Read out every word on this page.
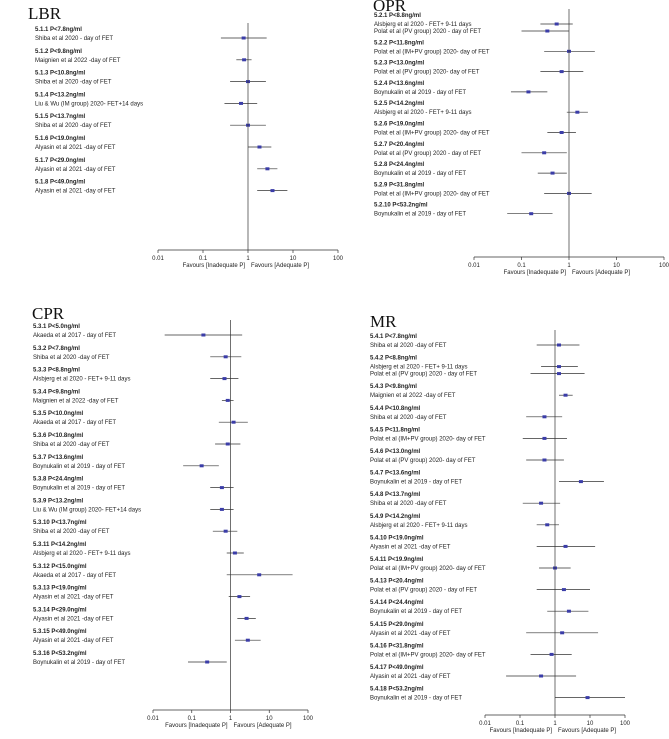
LBR
5.1.1 P<7.8ng/ml
Shiba et al 2020 - day of FET
5.1.2 P<9.8ng/ml
Maignien et al 2022 -day of FET
5.1.3 P<10.8ng/ml
Shiba et al 2020 -day of FET
5.1.4 P<13.2ng/ml
Liu & Wu (IM group) 2020- FET+14 days
5.1.5 P<13.7ng/ml
Shiba et al 2020 -day of FET
5.1.6 P<19.0ng/ml
Alyasin et al 2021 -day of FET
5.1.7 P<29.0ng/ml
Alyasin et al 2021 -day of FET
5.1.8 P<49.0ng/ml
Alyasin et al 2021 -day of FET
0.01	0.1	1	10	100
Favours [Inadequate P] Favours [Adequate P]
OPR
5.2.1 P<8.8ng/ml
Alsbjerg et al 2020 - FET+ 9-11 days
Polat et al (PV group) 2020 - day of FET
5.2.2 P<11.8ng/ml
Polat et al (IM+PV group) 2020- day of FET
5.2.3 P<13.0ng/ml
Polat et al (PV group) 2020- day of FET
5.2.4 P<13.6ng/ml
Boynukalin et al 2019 - day of FET
5.2.5 P<14.2ng/ml
Alsbjerg et al 2020 - FET+ 9-11 days
5.2.6 P<19.0ng/ml
Polat et al (IM+PV group) 2020- day of FET
5.2.7 P<20.4ng/ml
Polat et al (PV group) 2020 - day of FET
5.2.8 P<24.4ng/ml
Boynukalin et al 2019 - day of FET
5.2.9 P<31.8ng/ml
Polat et al (IM+PV group) 2020- day of FET
5.2.10 P<53.2ng/ml
Boynukalin et al 2019 - day of FET
0.01	0.1	1	10	100
Favours [Inadequate P] Favours [Adequate P]
CPR
5.3.1 P<5.0ng/ml
Akaeda et al 2017 - day of FET
5.3.2 P<7.8ng/ml
Shiba et al 2020 -day of FET
5.3.3 P<8.8ng/ml
Alsbjerg et al 2020 - FET+ 9-11 days
5.3.4 P<9.8ng/ml
Maignien et al 2022 -day of FET
5.3.5 P<10.0ng/ml
Akaeda et al 2017 - day of FET
5.3.6 P<10.8ng/ml
Shiba et al 2020 -day of FET
5.3.7 P<13.6ng/ml
Boynukalin et al 2019 - day of FET
5.3.8 P<24.4ng/ml
Boynukalin et al 2019 - day of FET
5.3.9 P<13.2ng/ml
Liu & Wu (IM group) 2020- FET+14 days
5.3.10 P<13.7ng/ml
Shiba et al 2020 -day of FET
5.3.11 P<14.2ng/ml
Alsbjerg et al 2020 - FET+ 9-11 days
5.3.12 P<15.0ng/ml
Akaeda et al 2017 - day of FET
5.3.13 P<19.0ng/ml
Alyasin et al 2021 -day of FET
5.3.14 P<29.0ng/ml
Alyasin et al 2021 -day of FET
5.3.15 P<49.0ng/ml
Alyasin et al 2021 -day of FET
5.3.16 P<53.2ng/ml
Boynukalin et al 2019 - day of FET
0.01	0.1	1	10	100
Favours [Inadequate P] Favours [Adequate P]
MR
5.4.1 P<7.8ng/ml
Shiba et al 2020 -day of FET
5.4.2 P<8.8ng/ml
Alsbjerg et al 2020 - FET+ 9-11 days
Polat et al (PV group) 2020 - day of FET
5.4.3 P<9.8ng/ml
Maignien et al 2022 -day of FET
5.4.4 P<10.8ng/ml
Shiba et al 2020 -day of FET
5.4.5 P<11.8ng/ml
Polat et al (IM+PV group) 2020- day of FET
5.4.6 P<13.0ng/ml
Polat et al (PV group) 2020- day of FET
5.4.7 P<13.6ng/ml
Boynukalin et al 2019 - day of FET
5.4.8 P<13.7ng/ml
Shiba et al 2020 -day of FET
5.4.9 P<14.2ng/ml
Alsbjerg et al 2020 - FET+ 9-11 days
5.4.10 P<19.0ng/ml
Alyasin et al 2021 -day of FET
5.4.11 P<19.9ng/ml
Polat et al (IM+PV group) 2020- day of FET
5.4.13 P<20.4ng/ml
Polat et al (PV group) 2020 - day of FET
5.4.14 P<24.4ng/ml
Boynukalin et al 2019 - day of FET
5.4.15 P<29.0ng/ml
Alyasin et al 2021 -day of FET
5.4.16 P<31.8ng/ml
Polat et al (IM+PV group) 2020- day of FET
5.4.17 P<49.0ng/ml
Alyasin et al 2021 -day of FET
5.4.18 P<53.2ng/ml
Boynukalin et al 2019 - day of FET
0.01	0.1	1	10	100
Favours [Inadequate P] Favours [Adequate P]
